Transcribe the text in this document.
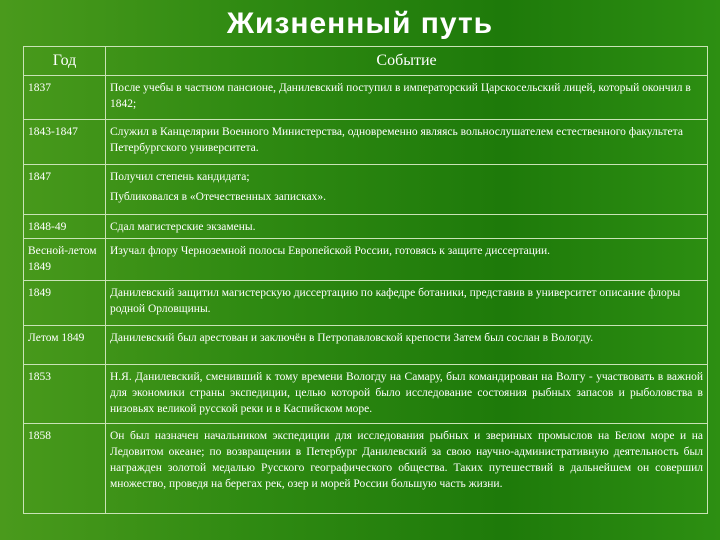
Жизненный путь
Год	Событие
1837	После учебы в частном пансионе, Данилевский поступил в императорский Царскосельский лицей, который окончил в 1842;
1843-1847	Служил в Канцелярии Военного Министерства, одновременно являясь вольнослушателем естественного факультета Петербургского университета.
1847	Получил степень кандидата;
Публиковался в «Отечественных записках».

1848-49	Сдал магистерские экзамены.
Весной-летом 1849	Изучал флору Черноземной полосы Европейской России, готовясь к защите диссертации.
1849	Данилевский защитил магистерскую диссертацию по кафедре ботаники, представив в университет описание флоры родной Орловщины.
Летом 1849	Данилевский был арестован и заключён в Петропавловской крепости Затем был сослан в Вологду.
1853	Н.Я. Данилевский, сменивший к тому времени Вологду на Самару, был командирован на Волгу - участвовать в важной для экономики страны экспедиции, целью которой было исследование состояния рыбных запасов и рыболовства в низовьях великой русской реки и в Каспийском море.
1858	Он был назначен начальником экспедиции для исследования рыбных и звериных промыслов на Белом море и на Ледовитом океане; по возвращении в Петербург Данилевский за свою научно-административную деятельность был награжден золотой медалью Русского географического общества. Таких путешествий в дальнейшем он совершил множество, проведя на берегах рек, озер и морей России большую часть жизни.
